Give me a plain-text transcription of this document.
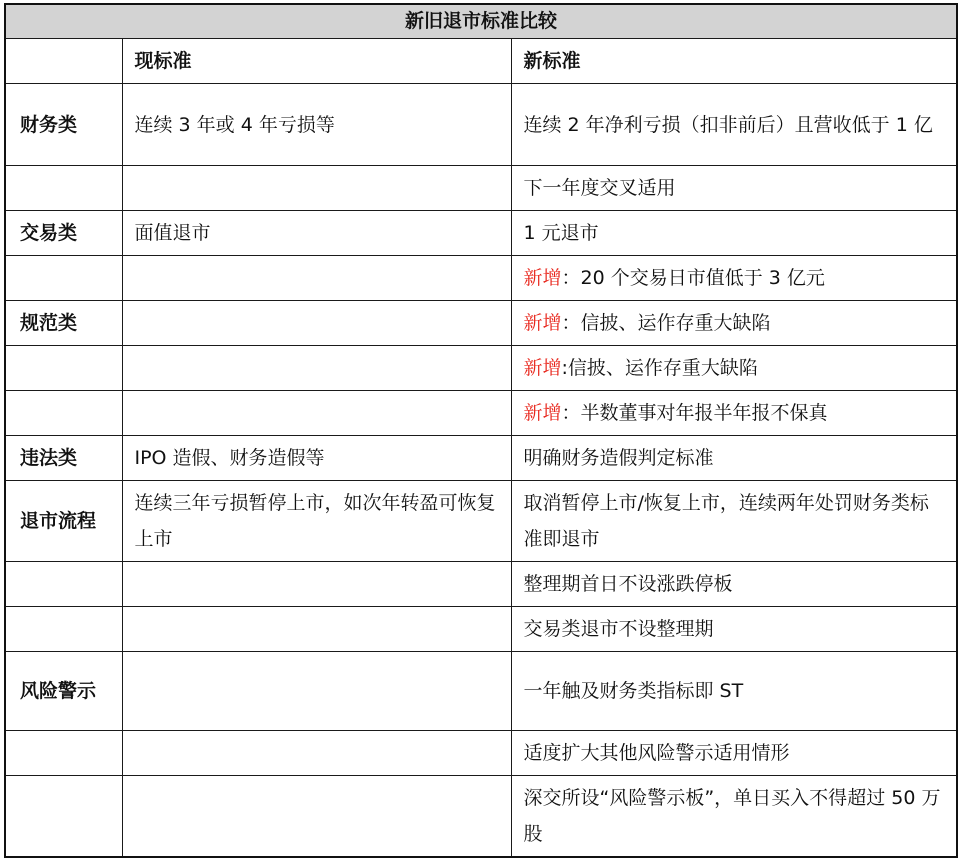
新旧退市标准比较		
	现标准	新标准
财务类	连续 3 年或 4 年亏损等	连续 2 年净利亏损（扣非前后）且营收低于 1 亿
		下一年度交叉适用
交易类	面值退市	1 元退市
		新增：20 个交易日市值低于 3 亿元
规范类		新增：信披、运作存重大缺陷
		新增:信披、运作存重大缺陷
		新增：半数董事对年报半年报不保真
违法类	IPO 造假、财务造假等	明确财务造假判定标准
退市流程	连续三年亏损暂停上市，如次年转盈可恢复上市	取消暂停上市/恢复上市，连续两年处罚财务类标准即退市
		整理期首日不设涨跌停板
		交易类退市不设整理期
风险警示		一年触及财务类指标即 ST
		适度扩大其他风险警示适用情形
		深交所设“风险警示板”，单日买入不得超过 50 万股
